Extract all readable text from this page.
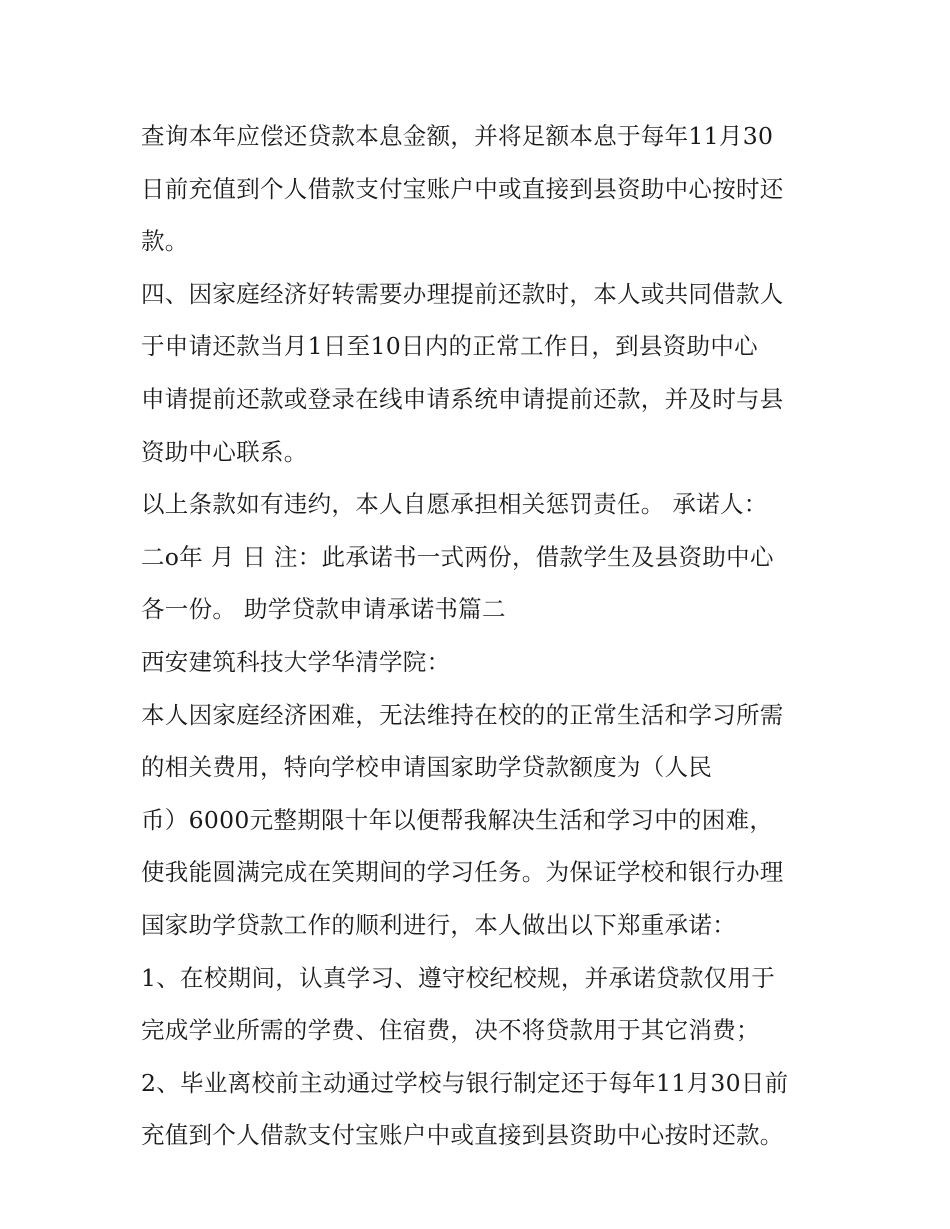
查询本年应偿还贷款本息金额，并将足额本息于每年11月30
日前充值到个人借款支付宝账户中或直接到县资助中心按时还
款。
四、因家庭经济好转需要办理提前还款时，本人或共同借款人
于申请还款当月1日至10日内的正常工作日，到县资助中心
申请提前还款或登录在线申请系统申请提前还款，并及时与县
资助中心联系。
以上条款如有违约，本人自愿承担相关惩罚责任。 承诺人：
二o年 月 日 注：此承诺书一式两份，借款学生及县资助中心
各一份。 助学贷款申请承诺书篇二
西安建筑科技大学华清学院：
本人因家庭经济困难，无法维持在校的的正常生活和学习所需
的相关费用，特向学校申请国家助学贷款额度为（人民
币）6000元整期限十年以便帮我解决生活和学习中的困难，
使我能圆满完成在笑期间的学习任务。为保证学校和银行办理
国家助学贷款工作的顺利进行，本人做出以下郑重承诺：
1、在校期间，认真学习、遵守校纪校规，并承诺贷款仅用于
完成学业所需的学费、住宿费，决不将贷款用于其它消费；
2、毕业离校前主动通过学校与银行制定还于每年11月30日前
充值到个人借款支付宝账户中或直接到县资助中心按时还款。
